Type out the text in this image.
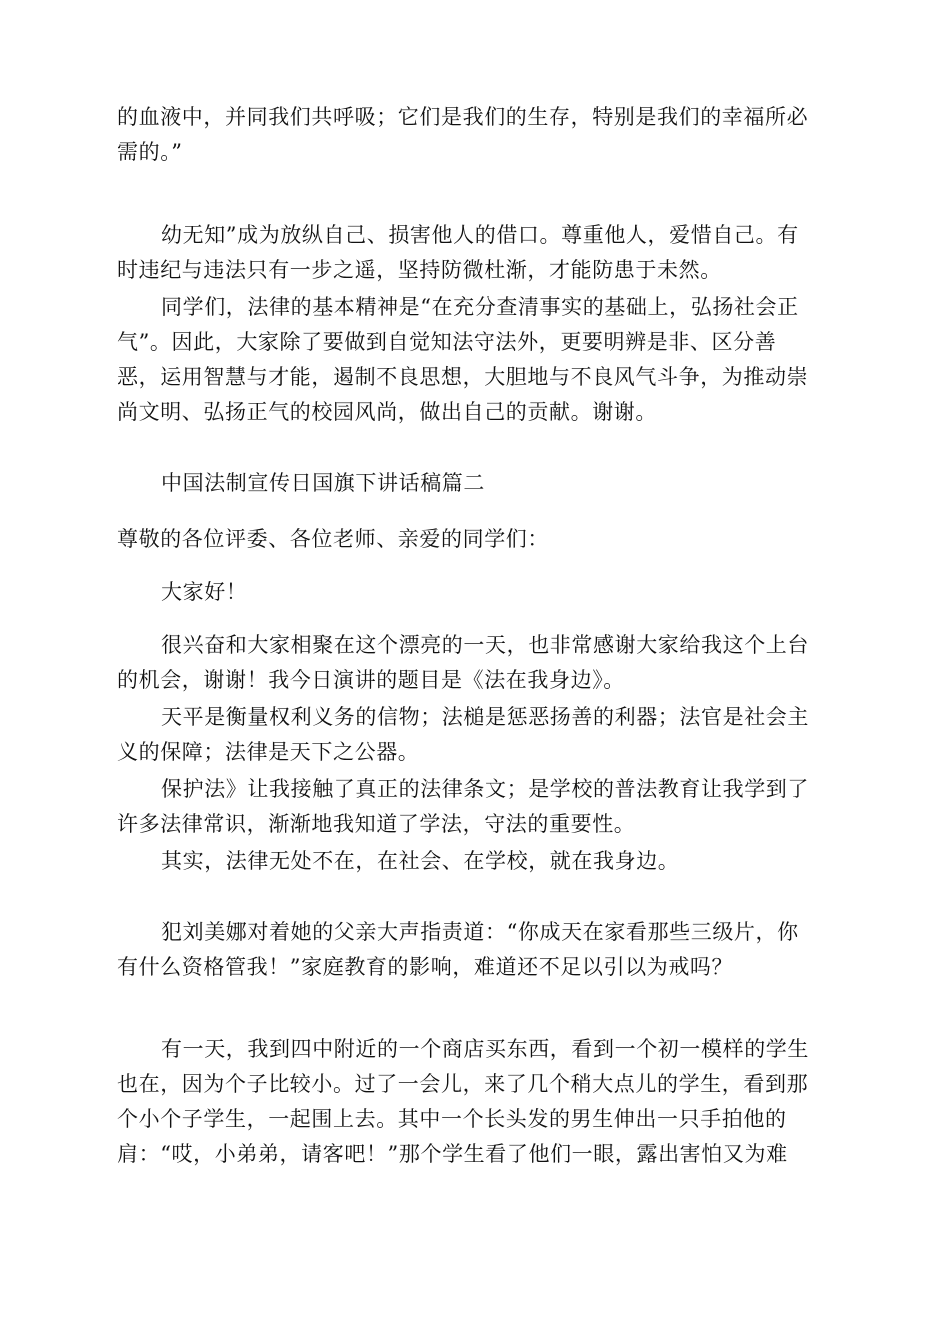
的血液中，并同我们共呼吸；它们是我们的生存，特别是我们的幸福所必
需的。”
幼无知”成为放纵自己、损害他人的借口。尊重他人，爱惜自己。有
时违纪与违法只有一步之遥，坚持防微杜渐，才能防患于未然。
同学们，法律的基本精神是“在充分查清事实的基础上，弘扬社会正
气”。因此，大家除了要做到自觉知法守法外，更要明辨是非、区分善
恶，运用智慧与才能，遏制不良思想，大胆地与不良风气斗争，为推动崇
尚文明、弘扬正气的校园风尚，做出自己的贡献。谢谢。
中国法制宣传日国旗下讲话稿篇二
尊敬的各位评委、各位老师、亲爱的同学们：
大家好！
很兴奋和大家相聚在这个漂亮的一天，也非常感谢大家给我这个上台
的机会，谢谢！我今日演讲的题目是《法在我身边》。
天平是衡量权利义务的信物；法槌是惩恶扬善的利器；法官是社会主
义的保障；法律是天下之公器。
保护法》让我接触了真正的法律条文；是学校的普法教育让我学到了
许多法律常识，渐渐地我知道了学法，守法的重要性。
其实，法律无处不在，在社会、在学校，就在我身边。
犯刘美娜对着她的父亲大声指责道：“你成天在家看那些三级片，你
有什么资格管我！”家庭教育的影响，难道还不足以引以为戒吗？
有一天，我到四中附近的一个商店买东西，看到一个初一模样的学生
也在，因为个子比较小。过了一会儿，来了几个稍大点儿的学生，看到那
个小个子学生，一起围上去。其中一个长头发的男生伸出一只手拍他的
肩：“哎，小弟弟，请客吧！”那个学生看了他们一眼，露出害怕又为难
